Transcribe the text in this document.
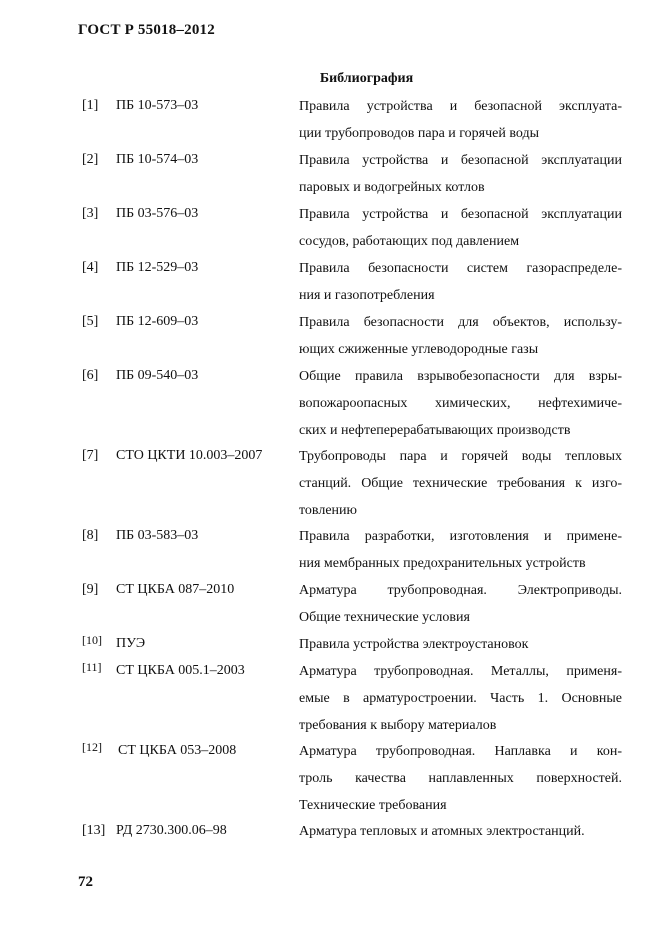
ГОСТ Р 55018–2012
Библиография
[1] ПБ 10-573–03	Правила устройства и безопасной эксплуата-
ции трубопроводов пара и горячей воды
[2] ПБ 10-574–03	Правила устройства и безопасной эксплуатации
паровых и водогрейных котлов
[3] ПБ 03-576–03	Правила устройства и безопасной эксплуатации
сосудов, работающих под давлением
[4] ПБ 12-529–03	Правила безопасности систем газораспределе-
ния и газопотребления
[5] ПБ 12-609–03	Правила безопасности для объектов, использу-
ющих сжиженные углеводородные газы
[6] ПБ 09-540–03	Общие правила взрывобезопасности для взры-
вопожароопасных химических, нефтехимиче-
ских и нефтеперерабатывающих производств
[7] СТО ЦКТИ 10.003–2007	Трубопроводы пара и горячей воды тепловых
станций. Общие технические требования к изго-
товлению
[8] ПБ 03-583–03	Правила разработки, изготовления и примене-
ния мембранных предохранительных устройств
[9] СТ ЦКБА 087–2010	Арматура трубопроводная. Электроприводы.
Общие технические условия
[10] ПУЭ	Правила устройства электроустановок
[11] СТ ЦКБА 005.1–2003	Арматура трубопроводная. Металлы, применя-
емые в арматуростроении. Часть 1. Основные
требования к выбору материалов
[12] СТ ЦКБА 053–2008	Арматура трубопроводная. Наплавка и кон-
троль качества наплавленных поверхностей.
Технические требования
[13] РД 2730.300.06–98	Арматура тепловых и атомных электростанций.
72
